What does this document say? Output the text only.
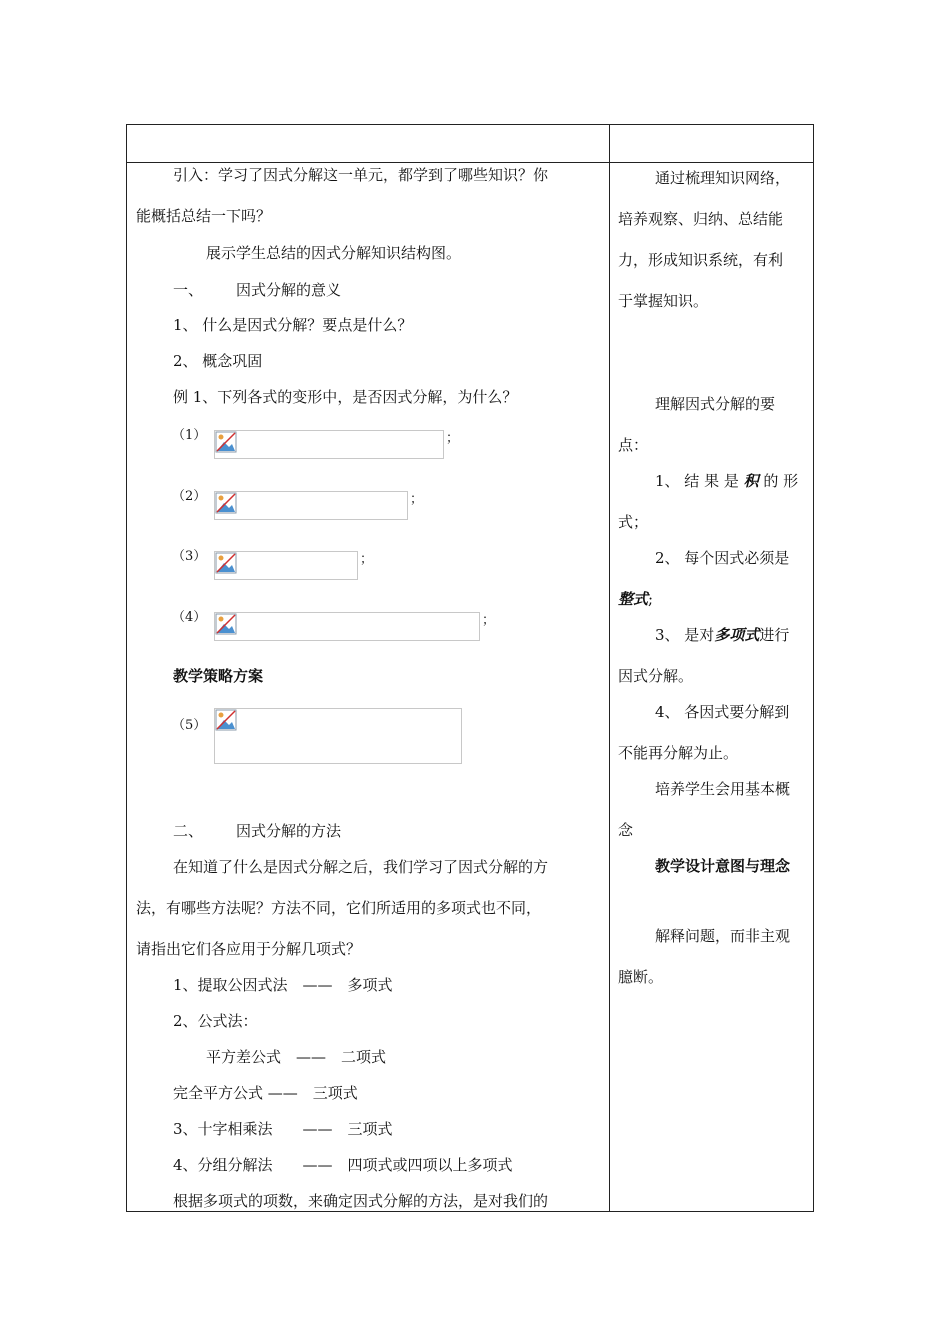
引入：学习了因式分解这一单元，都学到了哪些知识？你
能概括总结一下吗？
展示学生总结的因式分解知识结构图。
一、 因式分解的意义
1、 什么是因式分解？要点是什么？
2、 概念巩固
例 1、下列各式的变形中，是否因式分解，为什么？
（1）	；
（2）	；
（3）	；
（4）	；
教学策略方案
（5）
二、 因式分解的方法
在知道了什么是因式分解之后，我们学习了因式分解的方
法，有哪些方法呢？方法不同，它们所适用的多项式也不同，
请指出它们各应用于分解几项式？
1、提取公因式法　——　多项式
2、公式法：
平方差公式　——　二项式
完全平方公式 ——　三项式
3、十字相乘法　　——　三项式
4、分组分解法　　——　四项式或四项以上多项式
根据多项式的项数，来确定因式分解的方法，是对我们的
通过梳理知识网络，
培养观察、归纳、总结能
力，形成知识系统，有利
于掌握知识。
理解因式分解的要
点：
1、 结 果 是 积 的 形
式；
2、 每个因式必须是
整式;
3、 是对多项式进行
因式分解。
4、 各因式要分解到
不能再分解为止。
培养学生会用基本概
念
教学设计意图与理念
解释问题，而非主观
臆断。
